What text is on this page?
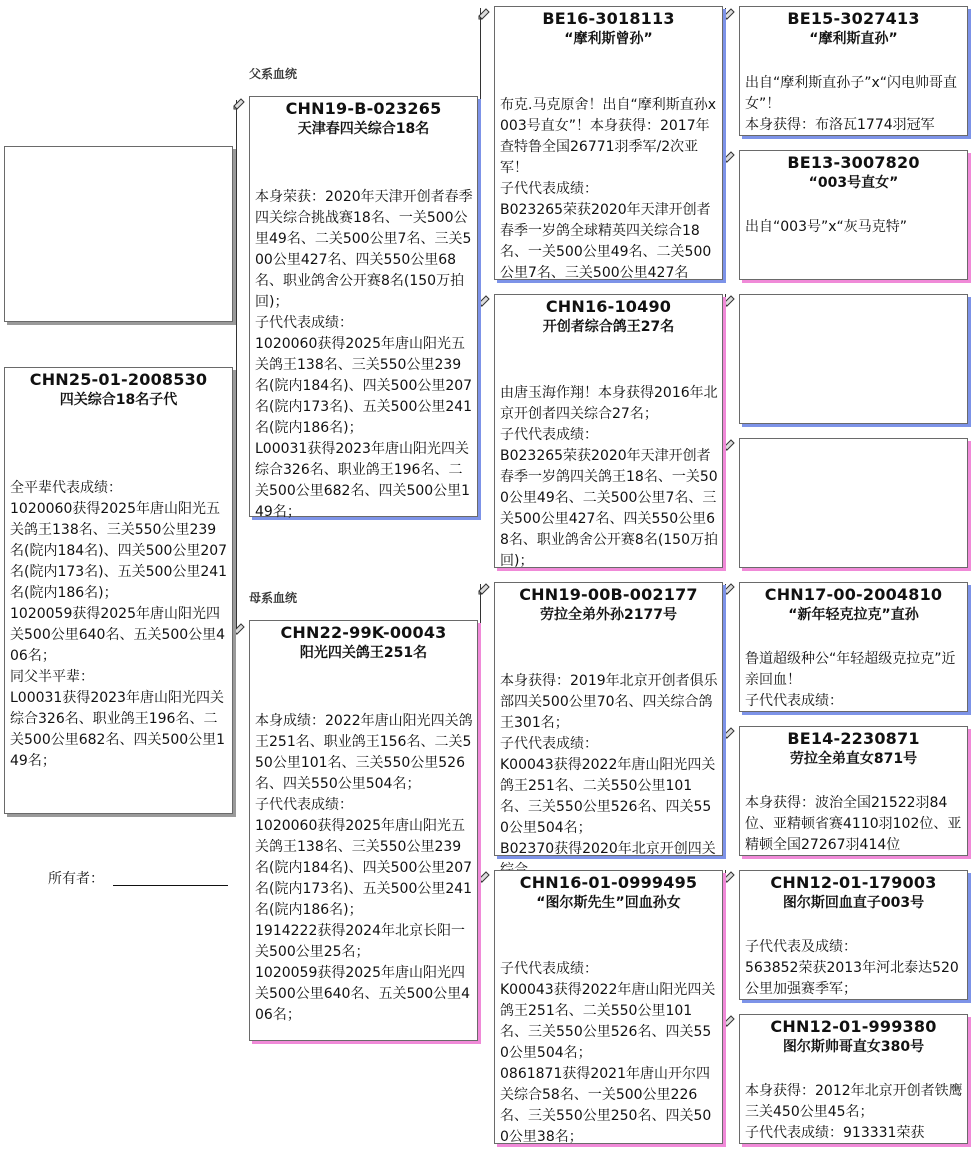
父系血统
母系血统
CHN25-01-2008530
四关综合18名子代
全平辈代表成绩：
1020060获得2025年唐山阳光五关鸽王138名、三关550公里239名(院内184名)、四关500公里207名(院内173名)、五关500公里241名(院内186名)；
1020059获得2025年唐山阳光四关500公里640名、五关500公里406名；
同父半平辈：
L00031获得2023年唐山阳光四关综合326名、职业鸽王196名、二关500公里682名、四关500公里149名；
所有者：
CHN19-B-023265
天津春四关综合18名
本身荣获：2020年天津开创者春季四关综合挑战赛18名、一关500公里49名、二关500公里7名、三关500公里427名、四关550公里68名、职业鸽舍公开赛8名(150万拍回)；
子代代表成绩：
1020060获得2025年唐山阳光五关鸽王138名、三关550公里239名(院内184名)、四关500公里207名(院内173名)、五关500公里241名(院内186名)；
L00031获得2023年唐山阳光四关综合326名、职业鸽王196名、二关500公里682名、四关500公里149名；
CHN22-99K-00043
阳光四关鸽王251名
本身成绩：2022年唐山阳光四关鸽王251名、职业鸽王156名、二关550公里101名、三关550公里526名、四关550公里504名；
子代代表成绩：
1020060获得2025年唐山阳光五关鸽王138名、三关550公里239名(院内184名)、四关500公里207名(院内173名)、五关500公里241名(院内186名)；
1914222获得2024年北京长阳一关500公里25名；
1020059获得2025年唐山阳光四关500公里640名、五关500公里406名；
BE16-3018113
“摩利斯曾孙”
布克.马克原舍！出自“摩利斯直孙x003号直女”！本身获得：2017年查特鲁全国26771羽季军/2次亚军！
子代代表成绩：
B023265荣获2020年天津开创者春季一岁鸽全球精英四关综合18名、一关500公里49名、二关500公里7名、三关500公里427名
CHN16-10490
开创者综合鸽王27名
由唐玉海作翔！本身获得2016年北京开创者四关综合27名；
子代代表成绩：
B023265荣获2020年天津开创者春季一岁鸽四关鸽王18名、一关500公里49名、二关500公里7名、三关500公里427名、四关550公里68名、职业鸽舍公开赛8名(150万拍回)；
CHN19-00B-002177
劳拉全弟外孙2177号
本身获得：2019年北京开创者俱乐部四关500公里70名、四关综合鸽王301名；
子代代表成绩：
K00043获得2022年唐山阳光四关鸽王251名、二关550公里101名、三关550公里526名、四关550公里504名；
B02370获得2020年北京开创四关
CHN16-01-0999495
“图尔斯先生”回血孙女
子代代表成绩：
K00043获得2022年唐山阳光四关鸽王251名、二关550公里101名、三关550公里526名、四关550公里504名；
0861871获得2021年唐山开尔四关综合58名、一关500公里226名、三关550公里250名、四关500公里38名；
BE15-3027413
“摩利斯直孙”
出自“摩利斯直孙子”x“闪电帅哥直女”！
本身获得：布洛瓦1774羽冠军
BE13-3007820
“003号直女”
出自“003号”x“灰马克特”
CHN17-00-2004810
“新年轻克拉克”直孙
鲁道超级种公“年轻超级克拉克”近亲回血！
子代代表成绩：
BE14-2230871
劳拉全弟直女871号
本身获得：波治全国21522羽84位、亚精顿省赛4110羽102位、亚精顿全国27267羽414位
CHN12-01-179003
图尔斯回血直子003号
子代代表及成绩：
563852荣获2013年河北泰达520公里加强赛季军；
CHN12-01-999380
图尔斯帅哥直女380号
本身获得：2012年北京开创者铁鹰三关450公里45名；
子代代表成绩：913331荣获
